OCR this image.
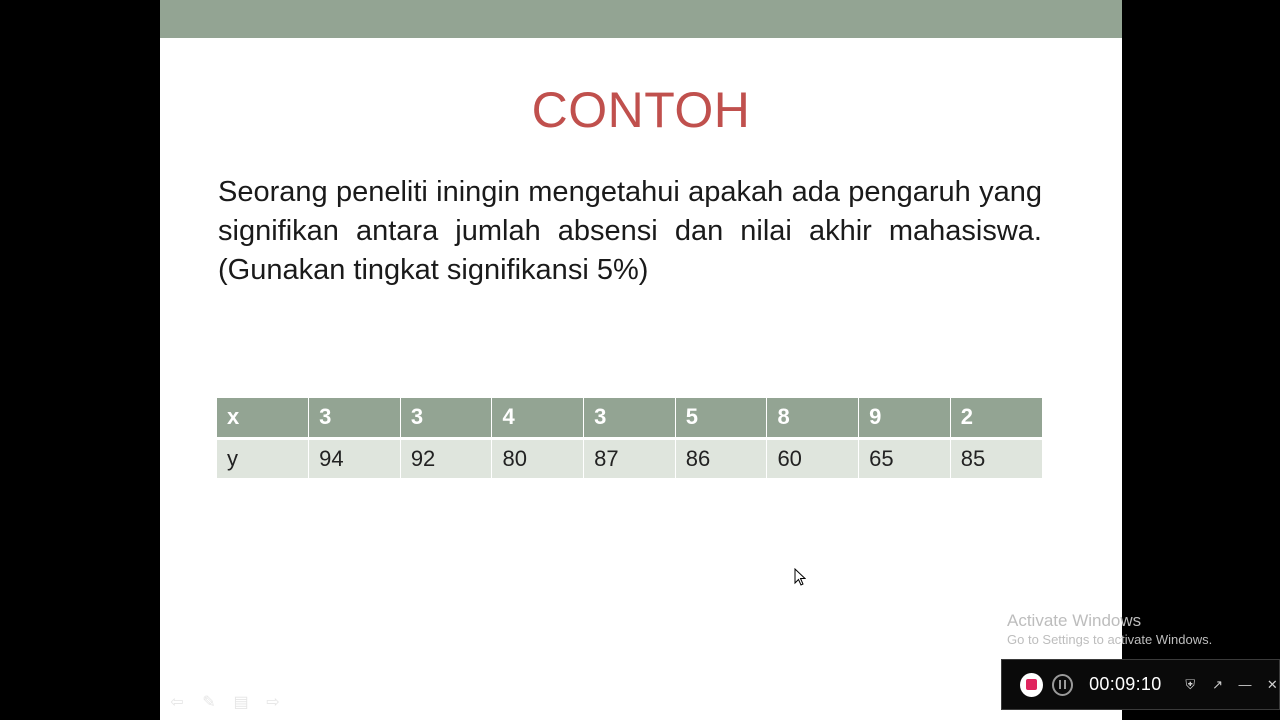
CONTOH
Seorang peneliti iningin mengetahui apakah ada pengaruh yang signifikan antara jumlah absensi dan nilai akhir mahasiswa. (Gunakan tingkat signifikansi 5%)
x	3	3	4	3	5	8	9	2
y	94	92	80	87	86	60	65	85
⇦ ✎ ▤ ⇨
Activate Windows
Go to Settings to activate Windows.
00:09:10 ⛨ ↗ — ✕
